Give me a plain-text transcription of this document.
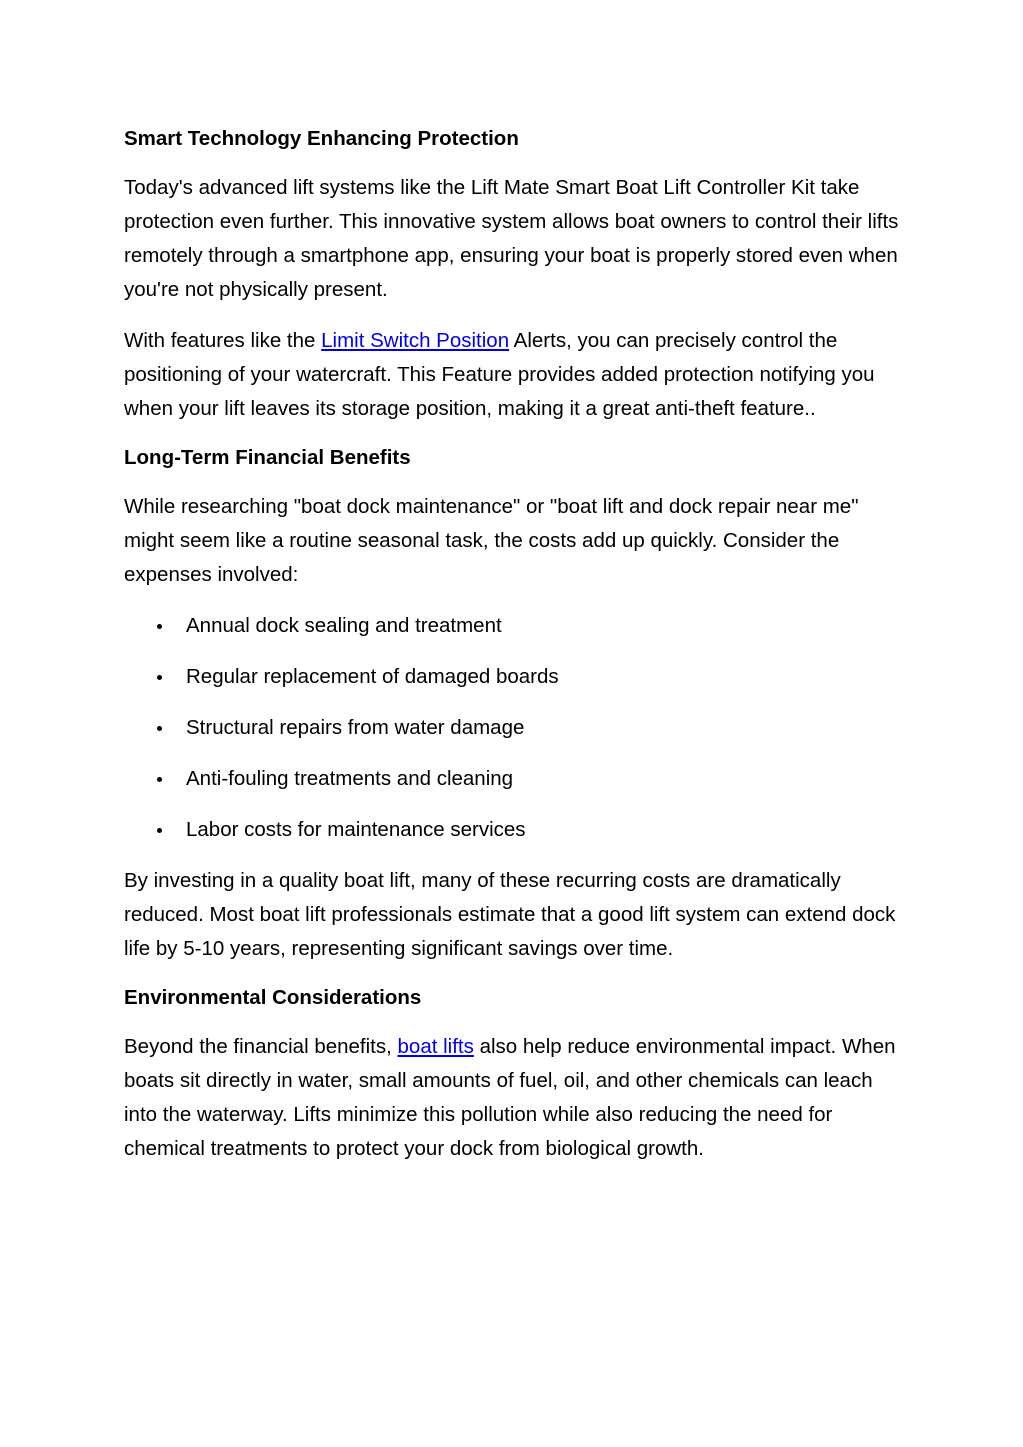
Smart Technology Enhancing Protection

Today's advanced lift systems like the Lift Mate Smart Boat Lift Controller Kit take protection even further. This innovative system allows boat owners to control their lifts remotely through a smartphone app, ensuring your boat is properly stored even when you're not physically present.

With features like the Limit Switch Position Alerts, you can precisely control the positioning of your watercraft. This Feature provides added protection notifying you when your lift leaves its storage position, making it a great anti-theft feature..

Long-Term Financial Benefits

While researching "boat dock maintenance" or "boat lift and dock repair near me" might seem like a routine seasonal task, the costs add up quickly. Consider the expenses involved:

Annual dock sealing and treatment
Regular replacement of damaged boards
Structural repairs from water damage
Anti-fouling treatments and cleaning
Labor costs for maintenance services

By investing in a quality boat lift, many of these recurring costs are dramatically reduced. Most boat lift professionals estimate that a good lift system can extend dock life by 5-10 years, representing significant savings over time.

Environmental Considerations

Beyond the financial benefits, boat lifts also help reduce environmental impact. When boats sit directly in water, small amounts of fuel, oil, and other chemicals can leach into the waterway. Lifts minimize this pollution while also reducing the need for chemical treatments to protect your dock from biological growth.
